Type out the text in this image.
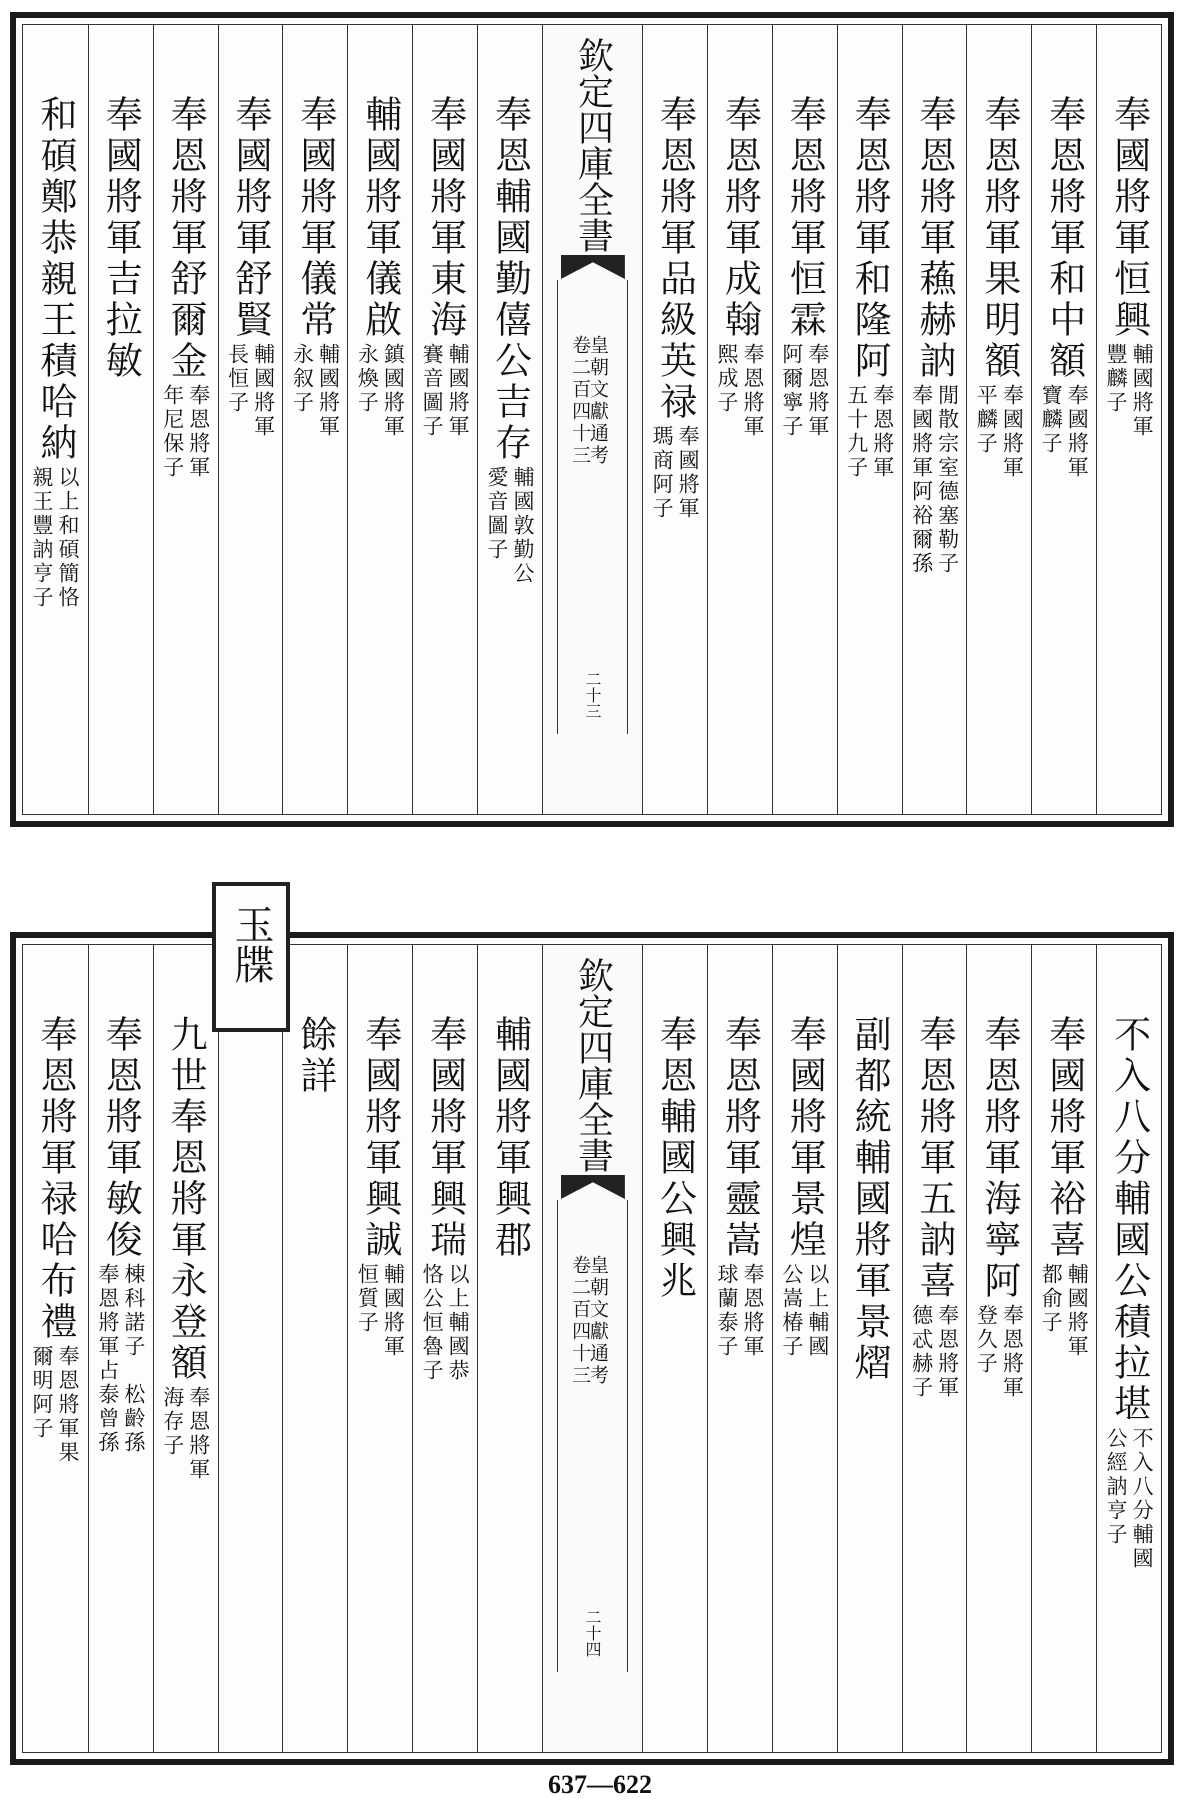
奉國將軍恒興
輔國將軍
豐麟子
奉恩將軍和中額
奉國將軍
寶麟子
奉恩將軍果明額
奉國將軍
平麟子
奉恩將軍蘓赫訥
閒散宗室德塞勒子
奉國將軍阿裕爾孫
奉恩將軍和隆阿
奉恩將軍
五十九子
奉恩將軍恒霖
奉恩將軍
阿爾寧子
奉恩將軍成翰
奉恩將軍
熙成子
奉恩將軍品級英禄
奉國將軍
瑪商阿子
欽定四庫全書
皇朝文獻通考
卷二百四十三
二十三
奉恩輔國勤僖公吉存
輔國敦勤公
愛音圖子
奉國將軍東海
輔國將軍
賽音圖子
輔國將軍儀啟
鎮國將軍
永煥子
奉國將軍儀常
輔國將軍
永叙子
奉國將軍舒賢
輔國將軍
長恒子
奉恩將軍舒爾金
奉恩將軍
年尼保子
奉國將軍吉拉敏
和碩鄭恭親王積哈納
以上和碩簡恪
親王豐訥亨子
玉牒
不入八分輔國公積拉堪
不入八分輔國
公經訥亨子
奉國將軍裕喜
輔國將軍
都俞子
奉恩將軍海寧阿
奉恩將軍
登久子
奉恩將軍五訥喜
奉恩將軍
德忒赫子
副都統輔國將軍景熠
奉國將軍景煌
以上輔國
公嵩椿子
奉恩將軍靈嵩
奉恩將軍
球蘭泰子
奉恩輔國公興兆
欽定四庫全書
皇朝文獻通考
卷二百四十三
二十四
輔國將軍興郡
奉國將軍興瑞
以上輔國恭
恪公恒魯子
奉國將軍興誠
輔國將軍
恒質子
餘詳
九世奉恩將軍永登額
奉恩將軍
海存子
奉恩將軍敏俊
棟科諾子　松齡孫
奉恩將軍占泰曾孫
奉恩將軍禄哈布禮
奉恩將軍果
爾明阿子
637—622
